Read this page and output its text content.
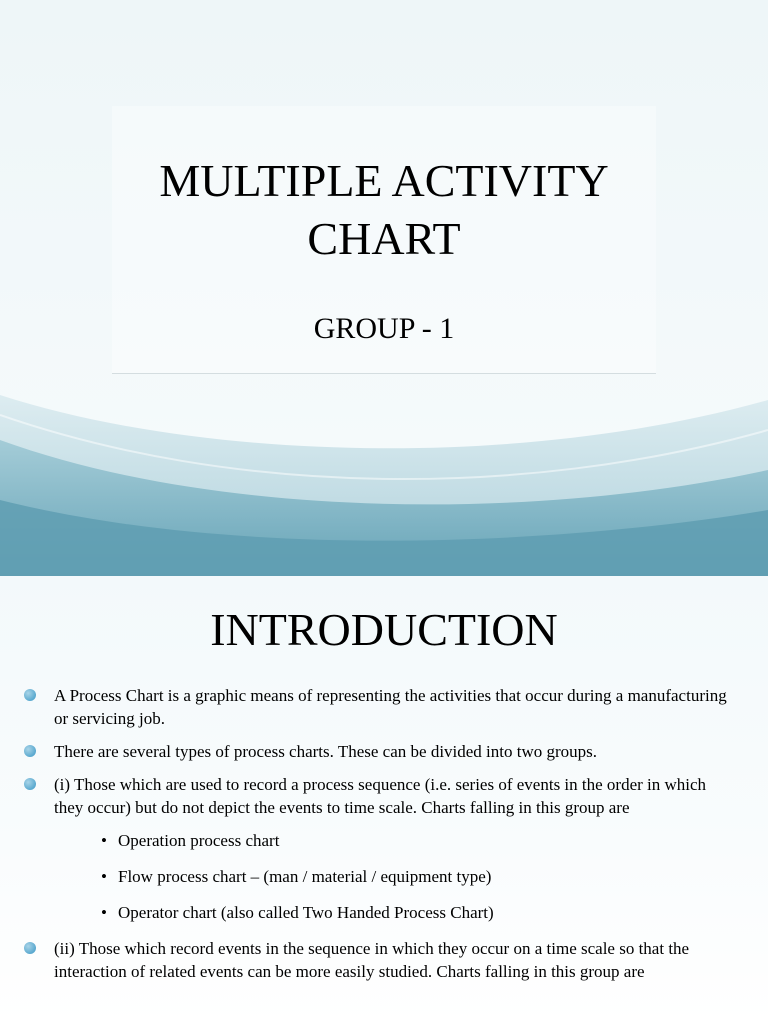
MULTIPLE ACTIVITY
CHART

GROUP - 1

INTRODUCTION
A Process Chart is a graphic means of representing the activities that occur during a manufacturing or servicing job.
There are several types of process charts. These can be divided into two groups.
(i) Those which are used to record a process sequence (i.e. series of events in the order in which they occur) but do not depict the events to time scale. Charts falling in this group are
• Operation process chart
• Flow process chart – (man / material / equipment type)
• Operator chart (also called Two Handed Process Chart)
(ii) Those which record events in the sequence in which they occur on a time scale so that the interaction of related events can be more easily studied. Charts falling in this group are
